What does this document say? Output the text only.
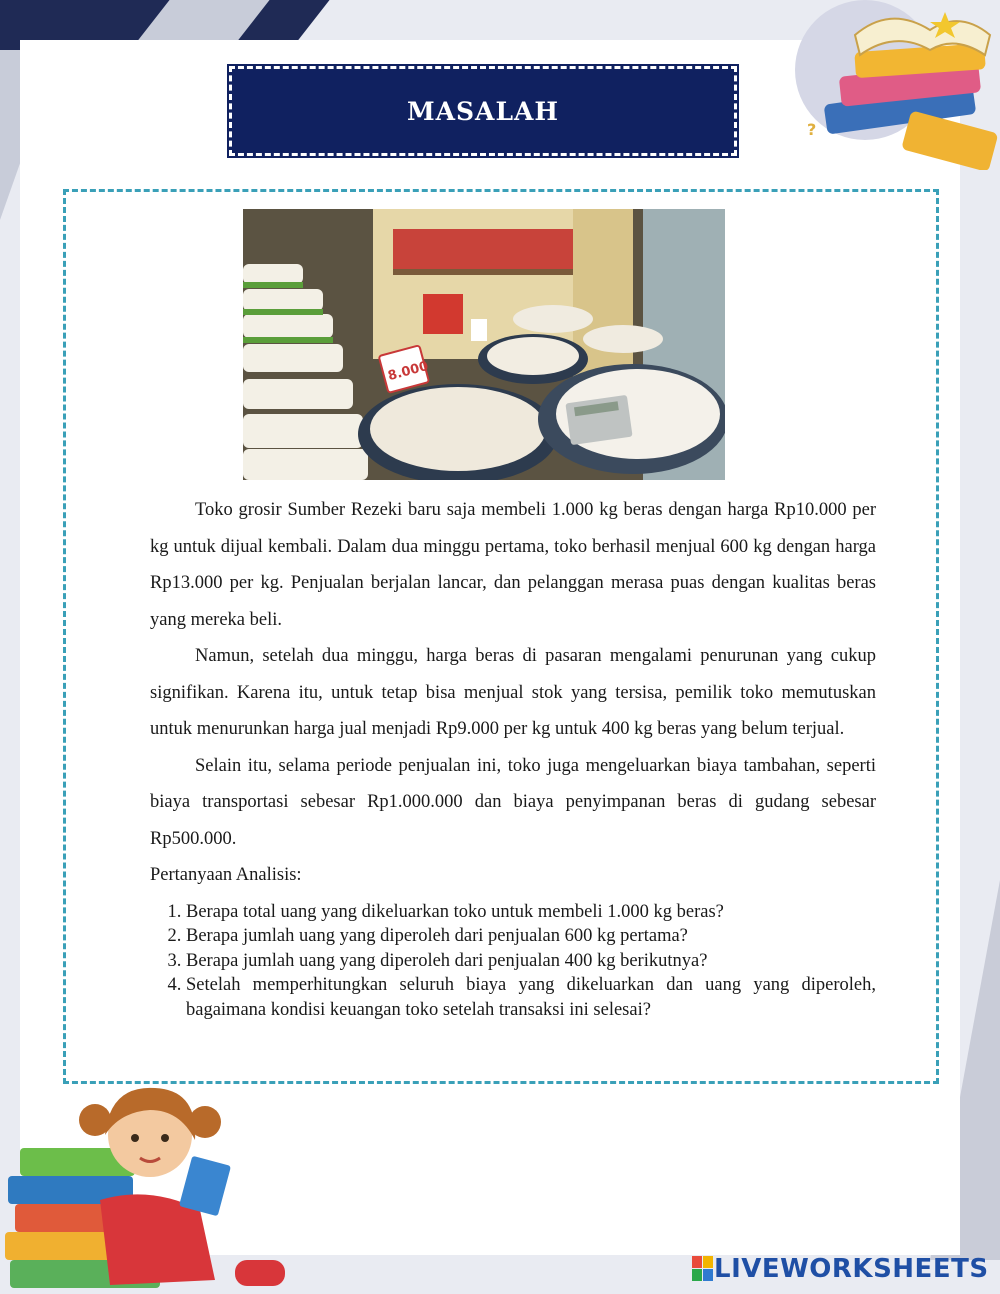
?
MASALAH
8.000

Toko grosir Sumber Rezeki baru saja membeli 1.000 kg beras dengan harga Rp10.000 per kg untuk dijual kembali. Dalam dua minggu pertama, toko berhasil menjual 600 kg dengan harga Rp13.000 per kg. Penjualan berjalan lancar, dan pelanggan merasa puas dengan kualitas beras yang mereka beli.

Namun, setelah dua minggu, harga beras di pasaran mengalami penurunan yang cukup signifikan. Karena itu, untuk tetap bisa menjual stok yang tersisa, pemilik toko memutuskan untuk menurunkan harga jual menjadi Rp9.000 per kg untuk 400 kg beras yang belum terjual.

Selain itu, selama periode penjualan ini, toko juga mengeluarkan biaya tambahan, seperti biaya transportasi sebesar Rp1.000.000 dan biaya penyimpanan beras di gudang sebesar Rp500.000.

Pertanyaan Analisis:

1. Berapa total uang yang dikeluarkan toko untuk membeli 1.000 kg beras?
2. Berapa jumlah uang yang diperoleh dari penjualan 600 kg pertama?
3. Berapa jumlah uang yang diperoleh dari penjualan 400 kg berikutnya?
4. Setelah memperhitungkan seluruh biaya yang dikeluarkan dan uang yang diperoleh, bagaimana kondisi keuangan toko setelah transaksi ini selesai?
LIVEWORKSHEETS
